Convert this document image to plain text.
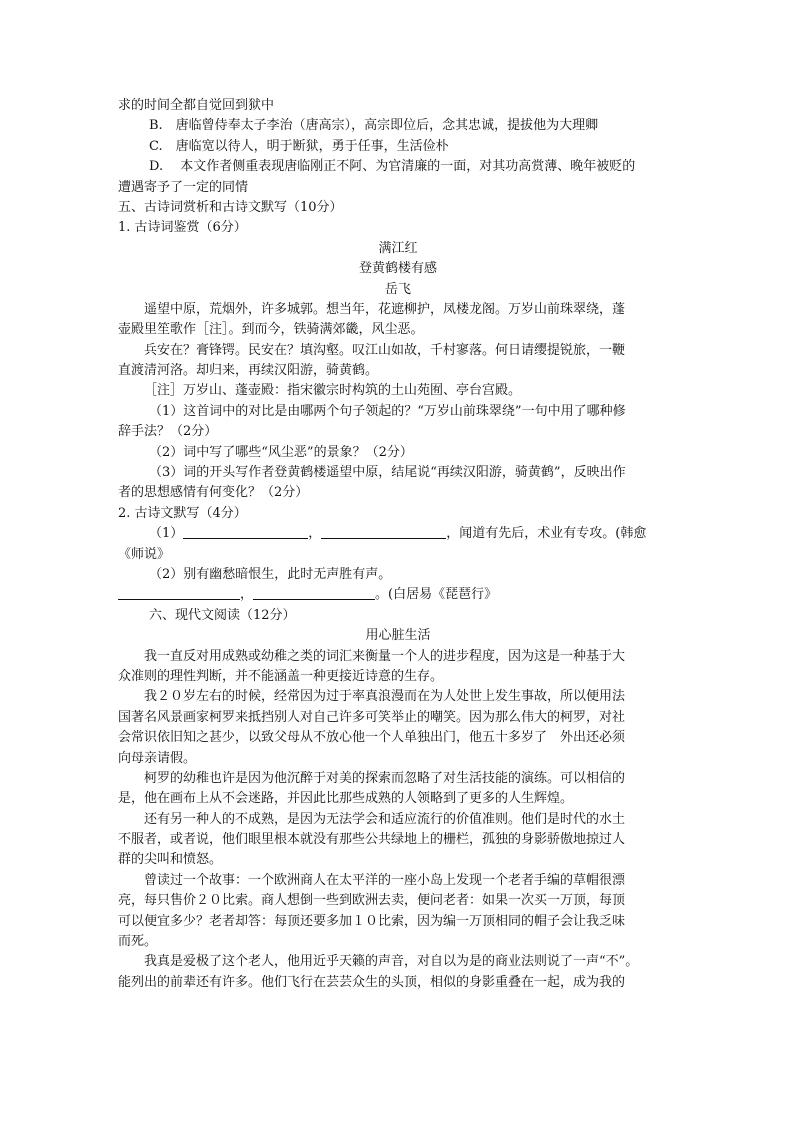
求的时间全都自觉回到狱中
B.　唐临曾侍奉太子李治（唐高宗），高宗即位后，念其忠诚，提拔他为大理卿
C.　唐临宽以待人，明于断狱，勇于任事，生活俭朴
D.　 本文作者侧重表现唐临刚正不阿、为官清廉的一面，对其功高赏薄、晚年被贬的
遭遇寄予了一定的同情
五、古诗词赏析和古诗文默写（10分）
1. 古诗词鉴赏（6分）
满江红
登黄鹤楼有感
岳飞
遥望中原，荒烟外，许多城郭。想当年，花遮柳护，凤楼龙阁。万岁山前珠翠绕，蓬
壶殿里笙歌作［注］。到而今，铁骑满郊畿，风尘恶。
兵安在？膏锋锷。民安在？填沟壑。叹江山如故，千村寥落。何日请缨提锐旅，一鞭
直渡清河洛。却归来，再续汉阳游，骑黄鹤。
［注］万岁山、蓬壶殿：指宋徽宗时构筑的土山苑囿、亭台宫殿。
（1）这首词中的对比是由哪两个句子领起的？“万岁山前珠翠绕”一句中用了哪种修
辞手法？（2分）
（2）词中写了哪些“风尘恶”的景象？（2分）
（3）词的开头写作者登黄鹤楼遥望中原，结尾说“再续汉阳游，骑黄鹤”，反映出作
者的思想感情有何变化？（2分）
2. 古诗文默写（4分）
（1）	，	，闻道有先后，术业有专攻。(韩愈
《师说》
（2）别有幽愁暗恨生，此时无声胜有声。
，	。(白居易《琵琶行》
六、现代文阅读（12分）
用心脏生活
我一直反对用成熟或幼稚之类的词汇来衡量一个人的进步程度，因为这是一种基于大
众准则的理性判断，并不能涵盖一种更接近诗意的生存。
我２０岁左右的时候，经常因为过于率真浪漫而在为人处世上发生事故，所以便用法
国著名风景画家柯罗来抵挡别人对自己许多可笑举止的嘲笑。因为那么伟大的柯罗，对社
会常识依旧知之甚少，以致父母从不放心他一个人单独出门，他五十多岁了　外出还必须
向母亲请假。
柯罗的幼稚也许是因为他沉醉于对美的探索而忽略了对生活技能的演练。可以相信的
是，他在画布上从不会迷路，并因此比那些成熟的人领略到了更多的人生辉煌。
还有另一种人的不成熟，是因为无法学会和适应流行的价值准则。他们是时代的水土
不服者，或者说，他们眼里根本就没有那些公共绿地上的栅栏，孤独的身影骄傲地掠过人
群的尖叫和愤怒。
曾读过一个故事：一个欧洲商人在太平洋的一座小岛上发现一个老者手编的草帽很漂
亮，每只售价２０比索。商人想倒一些到欧洲去卖，便问老者：如果一次买一万顶，每顶
可以便宜多少？老者却答：每顶还要多加１０比索，因为编一万顶相同的帽子会让我乏味
而死。
我真是爱极了这个老人，他用近乎天籁的声音，对自以为是的商业法则说了一声“不”。
能列出的前辈还有许多。他们飞行在芸芸众生的头顶，相似的身影重叠在一起，成为我的
